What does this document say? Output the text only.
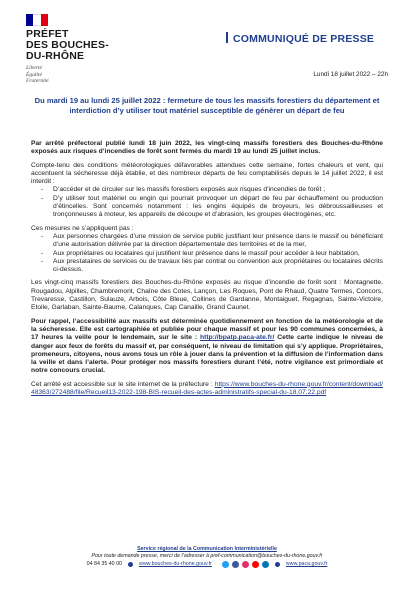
PRÉFET
DES BOUCHES-
DU-RHÔNE
Liberté
Égalité
Fraternité
COMMUNIQUÉ DE PRESSE
Lundi 18 juillet 2022 – 22h
Du mardi 19 au lundi 25 juillet 2022 : fermeture de tous les massifs forestiers du département et interdiction d’y utiliser tout matériel susceptible de générer un départ de feu

Par arrêté préfectoral publié lundi 18 juin 2022, les vingt-cinq massifs forestiers des Bouches-du-Rhône exposés aux risques d’incendies de forêt sont fermés du mardi 19 au lundi 25 juillet inclus.

Compte-tenu des conditions météorologiques défavorables attendues cette semaine, fortes chaleurs et vent, qui accentuent la sécheresse déjà établie, et des nombreux départs de feu comptabilisés depuis le 14 juillet 2022, il est interdit :

- D’accéder et de circuler sur les massifs forestiers exposés aux risques d’incendies de forêt ;
- D’y utiliser tout matériel ou engin qui pourrait provoquer un départ de feu par échauffement ou production d’étincelles. Sont concernés notamment : les engins équipés de broyeurs, les débroussailleuses et tronçonneuses à moteur, les appareils de découpe et d’abrasion, les groupes électrogènes, etc.

Ces mesures ne s’appliquent pas :

- Aux personnes chargées d’une mission de service public justifiant leur présence dans le massif ou bénéficiant d’une autorisation délivrée par la direction départementale des territoires et de la mer,
- Aux propriétaires ou locataires qui justifient leur présence dans le massif pour accéder à leur habitation,
- Aux prestataires de services ou de travaux liés par contrat ou convention aux propriétaires ou locataires décrits ci-dessus.

Les vingt-cinq massifs forestiers des Bouches-du-Rhône exposés au risque d’incendie de forêt sont : Montagnette, Rougadou, Alpilles, Chambremont, Chaîne des Cotes, Lançon, Les Roques, Pont de Rhaud, Quatre Termes, Concors, Trevaresse, Castillon, Sulauze, Arbois, Côte Bleue, Collines de Gardanne, Montaiguet, Regagnas, Sainte-Victoire, Etoile, Garlaban, Sainte-Baume, Calanques, Cap Canaille, Grand Caunet.

Pour rappel, l’accessibilité aux massifs est déterminée quotidiennement en fonction de la météorologie et de la sécheresse. Elle est cartographiée et publiée pour chaque massif et pour les 90 communes concernées, à 17 heures la veille pour le lendemain, sur le site : http://bpatp.paca-ate.fr/ Cette carte indique le niveau de danger aux feux de forêts du massif et, par conséquent, le niveau de limitation qui s’y applique. Propriétaires, promeneurs, citoyens, nous avons tous un rôle à jouer dans la prévention et la diffusion de l’information dans la veille et dans l’alerte. Pour protéger nos massifs forestiers durant l’été, notre vigilance est primordiale et notre concours crucial.

Cet arrêté est accessible sur le site internet de la préfecture : https://www.bouches-du-rhone.gouv.fr/content/download/48363/272488/file/Recueil13-2022-198-BIS-recueil-des-actes-administratifs-special-du-18.07.22.pdf

Service régional de la Communication Interministérielle
Pour toute demande presse, merci de l’adresser à pref-communication@bouches-du-rhone.gouv.fr
04 84 35 40 00	www.bouches-du-rhone.gouv.fr	www.paca.gouv.fr
